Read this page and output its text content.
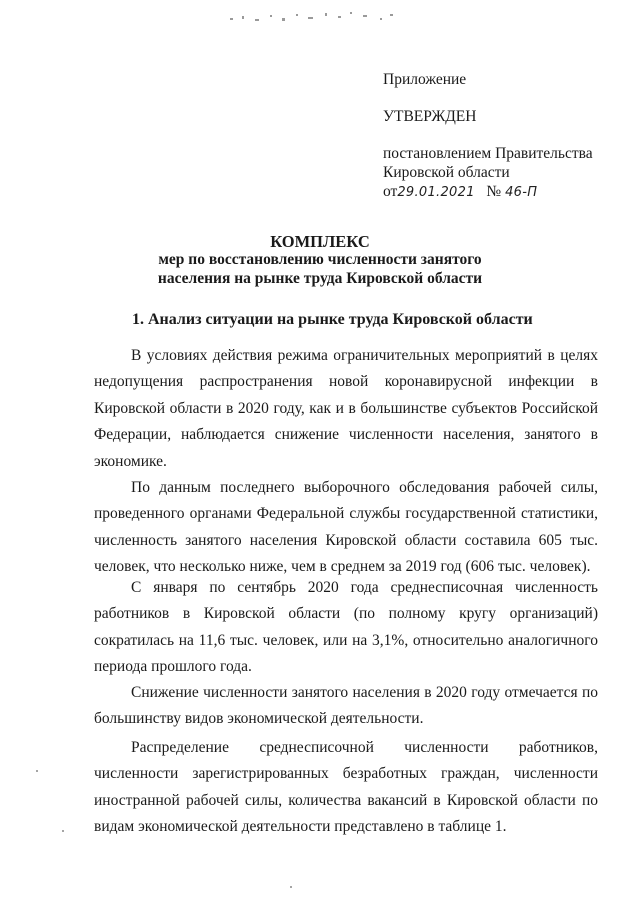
Приложение
УТВЕРЖДЕН
постановлением Правительства
Кировской области
от29.01.2021 № 46-П
КОМПЛЕКС
мер по восстановлению численности занятого
населения на рынке труда Кировской области
1. Анализ ситуации на рынке труда Кировской области

В условиях действия режима ограничительных мероприятий в целях недопущения распространения новой коронавирусной инфекции в Кировской области в 2020 году, как и в большинстве субъектов Российской Федерации, наблюдается снижение численности населения, занятого в экономике.

По данным последнего выборочного обследования рабочей силы, проведенного органами Федеральной службы государственной статистики, численность занятого населения Кировской области составила 605 тыс. человек, что несколько ниже, чем в среднем за 2019 год (606 тыс. человек).

С января по сентябрь 2020 года среднесписочная численность работников в Кировской области (по полному кругу организаций) сократилась на 11,6 тыс. человек, или на 3,1%, относительно аналогичного периода прошлого года.

Снижение численности занятого населения в 2020 году отмечается по большинству видов экономической деятельности.

Распределение среднесписочной численности работников, численности зарегистрированных безработных граждан, численности иностранной рабочей силы, количества вакансий в Кировской области по видам экономической деятельности представлено в таблице 1.
